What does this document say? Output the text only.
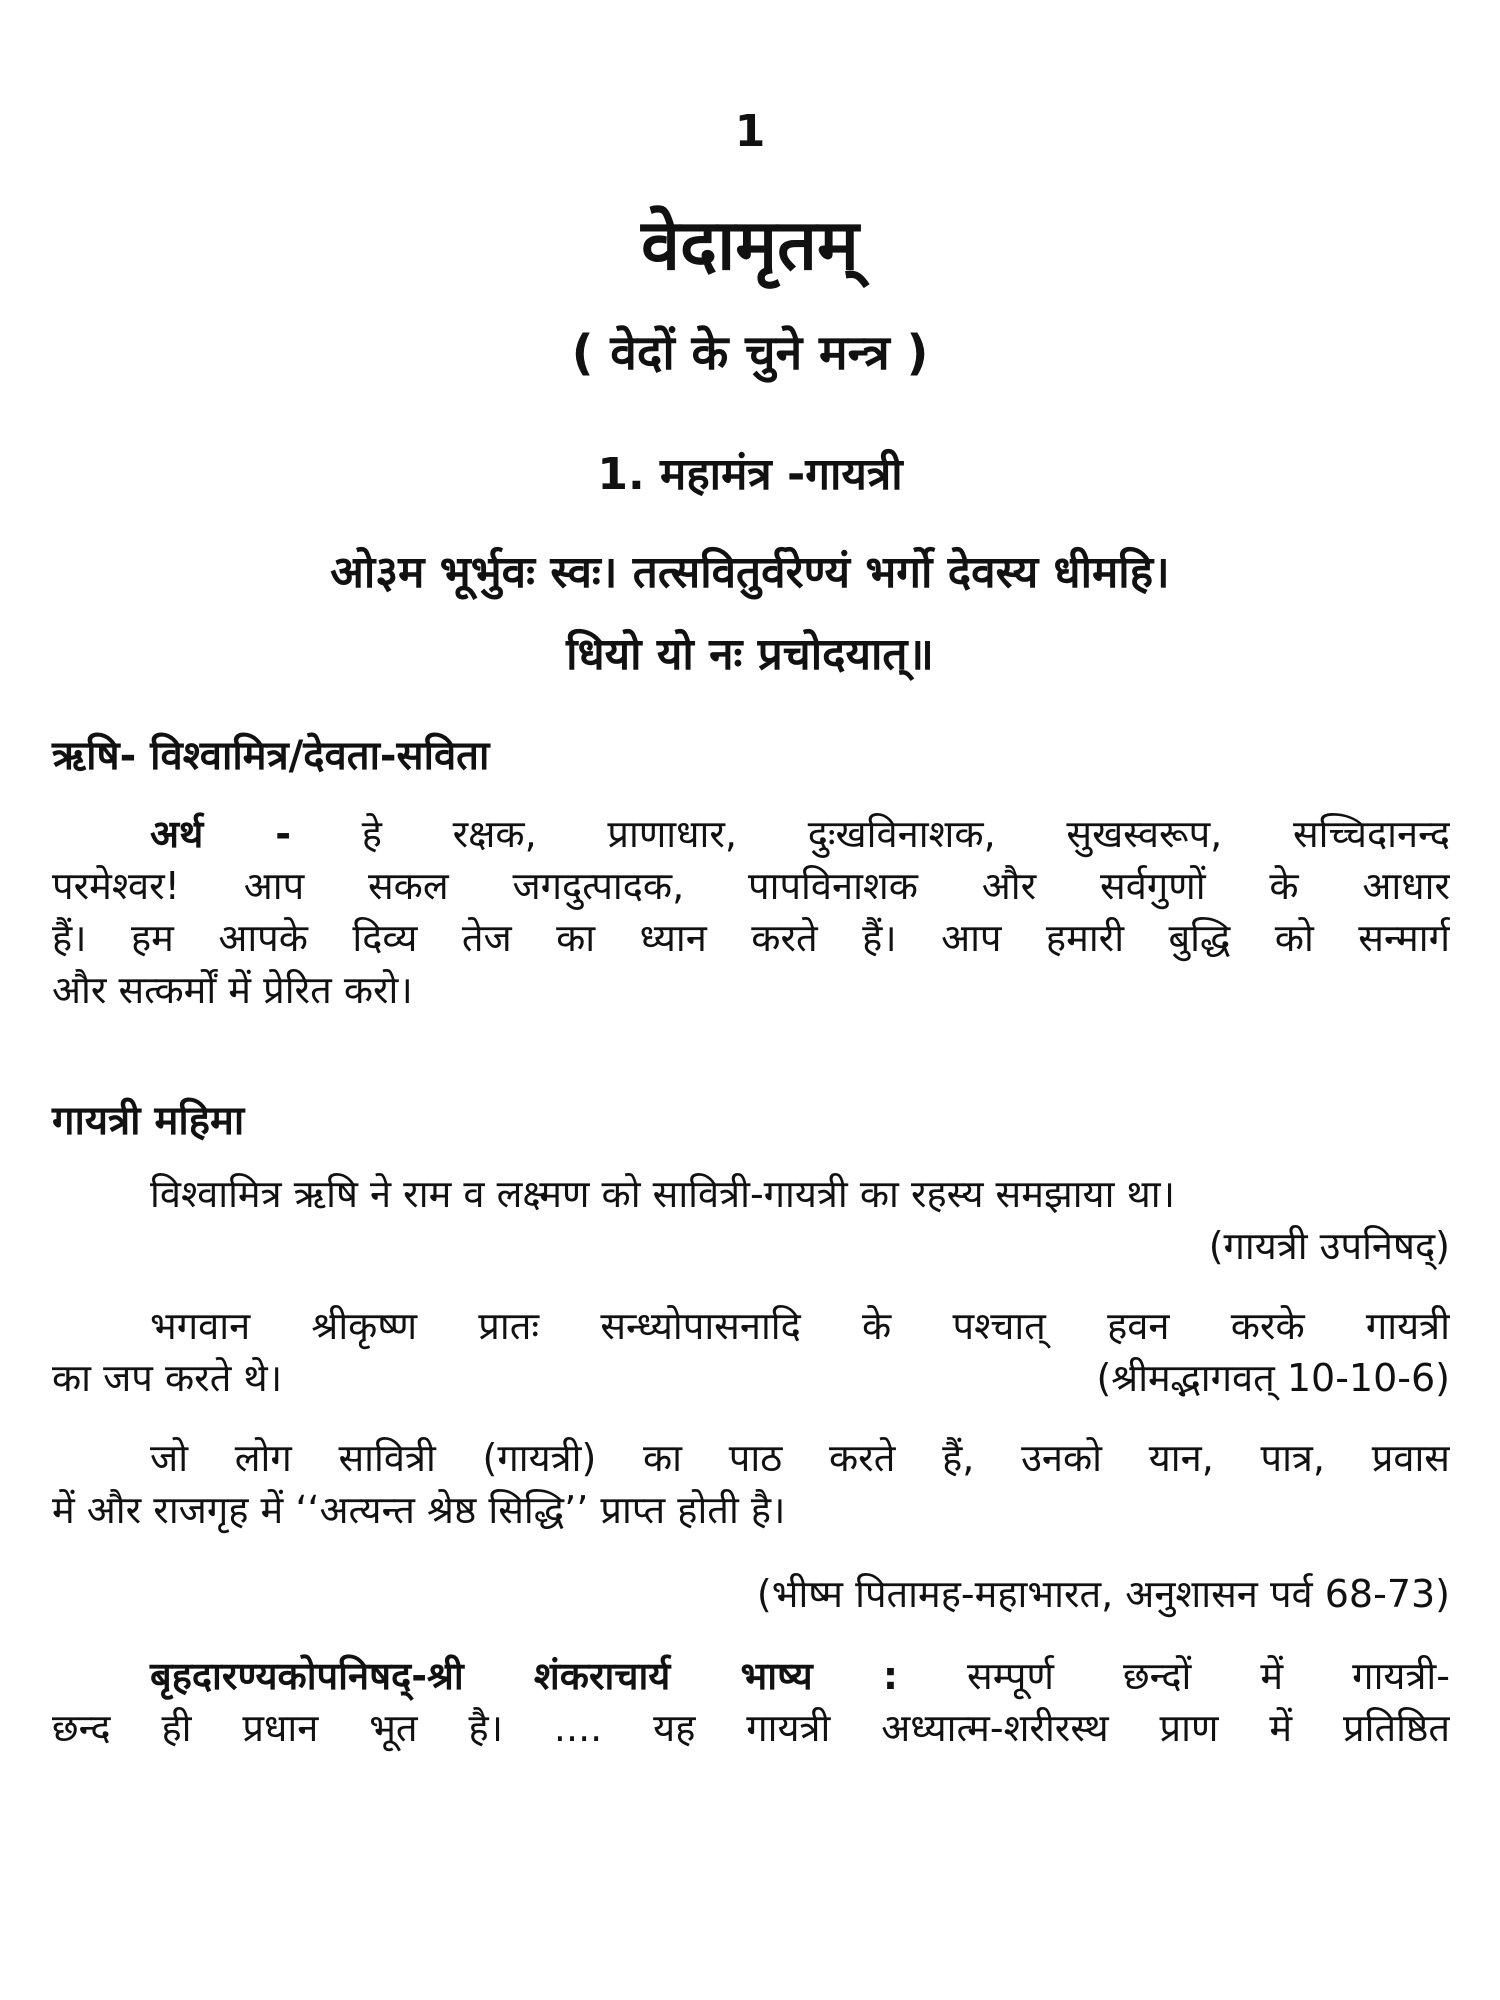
1
वेदामृतम्
( वेदों के चुने मन्त्र )
1. महामंत्र -गायत्री
ओ३म भूर्भुवः स्वः। तत्सवितुर्वरेण्यं भर्गो देवस्य धीमहि।
धियो यो नः प्रचोदयात्॥
ऋषि- विश्वामित्र/देवता-सविता
अर्थ - हे रक्षक, प्राणाधार, दुःखविनाशक, सुखस्वरूप, सच्चिदानन्द
परमेश्वर! आप सकल जगदुत्पादक, पापविनाशक और सर्वगुणों के आधार
हैं। हम आपके दिव्य तेज का ध्यान करते हैं। आप हमारी बुद्धि को सन्मार्ग
और सत्कर्मों में प्रेरित करो।
गायत्री महिमा
विश्वामित्र ऋषि ने राम व लक्ष्मण को सावित्री-गायत्री का रहस्य समझाया था।
(गायत्री उपनिषद्)
भगवान श्रीकृष्ण प्रातः सन्ध्योपासनादि के पश्चात् हवन करके गायत्री
का जप करते थे।	(श्रीमद्भागवत् 10-10-6)
जो लोग सावित्री (गायत्री) का पाठ करते हैं, उनको यान, पात्र, प्रवास
में और राजगृह में ‘‘अत्यन्त श्रेष्ठ सिद्धि’’ प्राप्त होती है।
(भीष्म पितामह-महाभारत, अनुशासन पर्व 68-73)
बृहदारण्यकोपनिषद्-श्री शंकराचार्य भाष्य : सम्पूर्ण छन्दों में गायत्री-
छन्द ही प्रधान भूत है। .... यह गायत्री अध्यात्म-शरीरस्थ प्राण में प्रतिष्ठित
